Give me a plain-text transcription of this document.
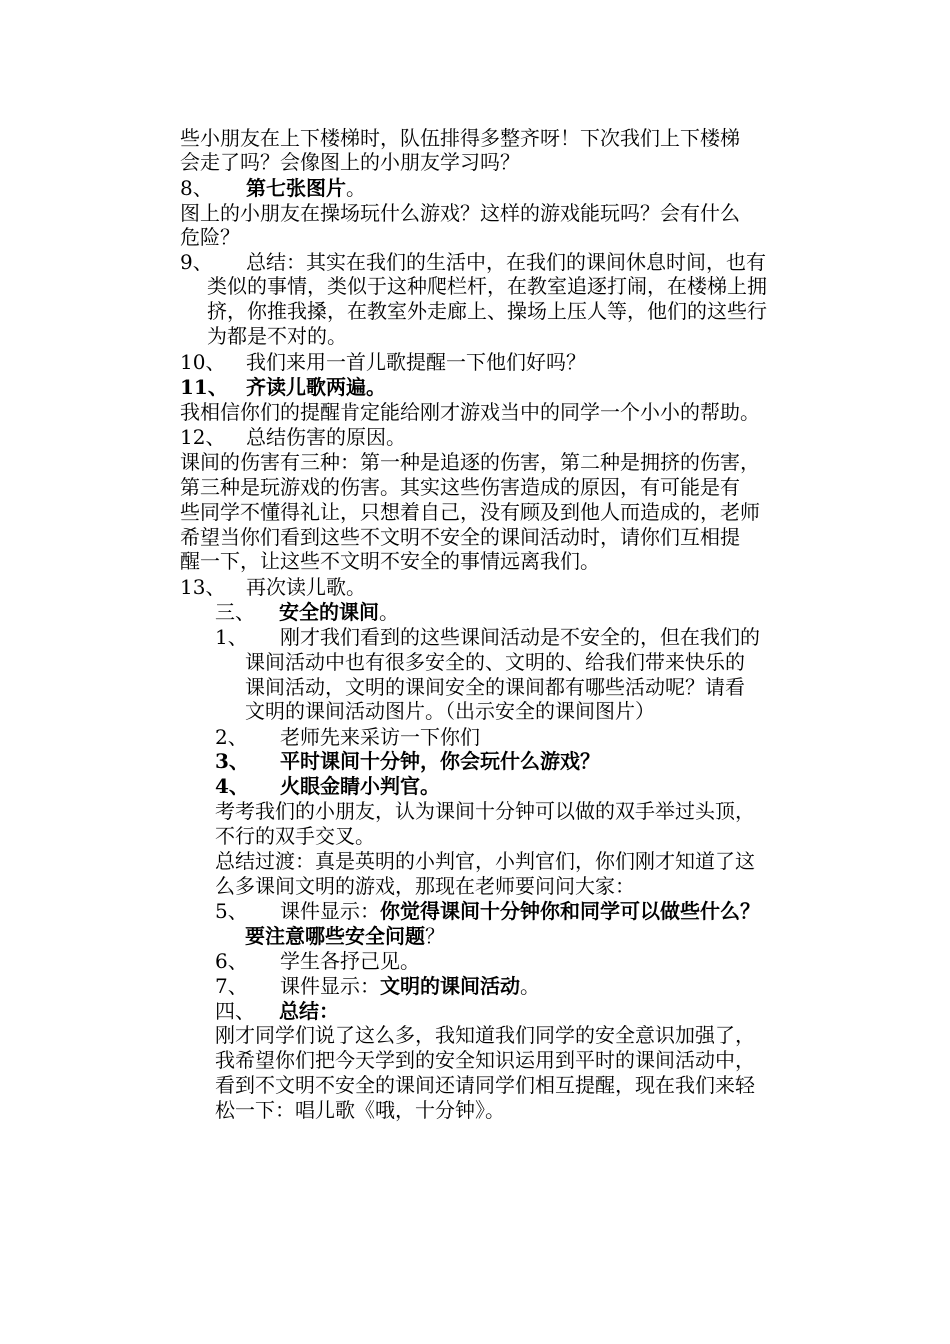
些小朋友在上下楼梯时，队伍排得多整齐呀！下次我们上下楼梯
会走了吗？会像图上的小朋友学习吗？
8、 第七张图片。
图上的小朋友在操场玩什么游戏？这样的游戏能玩吗？会有什么
危险？
9、 总结：其实在我们的生活中，在我们的课间休息时间，也有
类似的事情，类似于这种爬栏杆，在教室追逐打闹，在楼梯上拥
挤，你推我搡，在教室外走廊上、操场上压人等，他们的这些行
为都是不对的。
10、 我们来用一首儿歌提醒一下他们好吗？
11、 齐读儿歌两遍。
我相信你们的提醒肯定能给刚才游戏当中的同学一个小小的帮助。
12、 总结伤害的原因。
课间的伤害有三种：第一种是追逐的伤害，第二种是拥挤的伤害，
第三种是玩游戏的伤害。其实这些伤害造成的原因，有可能是有
些同学不懂得礼让，只想着自己，没有顾及到他人而造成的，老师
希望当你们看到这些不文明不安全的课间活动时，请你们互相提
醒一下，让这些不文明不安全的事情远离我们。
13、 再次读儿歌。
三、 安全的课间。
1、 刚才我们看到的这些课间活动是不安全的，但在我们的
课间活动中也有很多安全的、文明的、给我们带来快乐的
课间活动，文明的课间安全的课间都有哪些活动呢？请看
文明的课间活动图片。（出示安全的课间图片）
2、 老师先来采访一下你们
3、 平时课间十分钟，你会玩什么游戏？
4、 火眼金睛小判官。
考考我们的小朋友，认为课间十分钟可以做的双手举过头顶，
不行的双手交叉。
总结过渡：真是英明的小判官，小判官们，你们刚才知道了这
么多课间文明的游戏，那现在老师要问问大家：
5、 课件显示：你觉得课间十分钟你和同学可以做些什么？
要注意哪些安全问题？
6、 学生各抒己见。
7、 课件显示：文明的课间活动。
四、 总结：
刚才同学们说了这么多，我知道我们同学的安全意识加强了，
我希望你们把今天学到的安全知识运用到平时的课间活动中，
看到不文明不安全的课间还请同学们相互提醒，现在我们来轻
松一下：唱儿歌《哦，十分钟》。
